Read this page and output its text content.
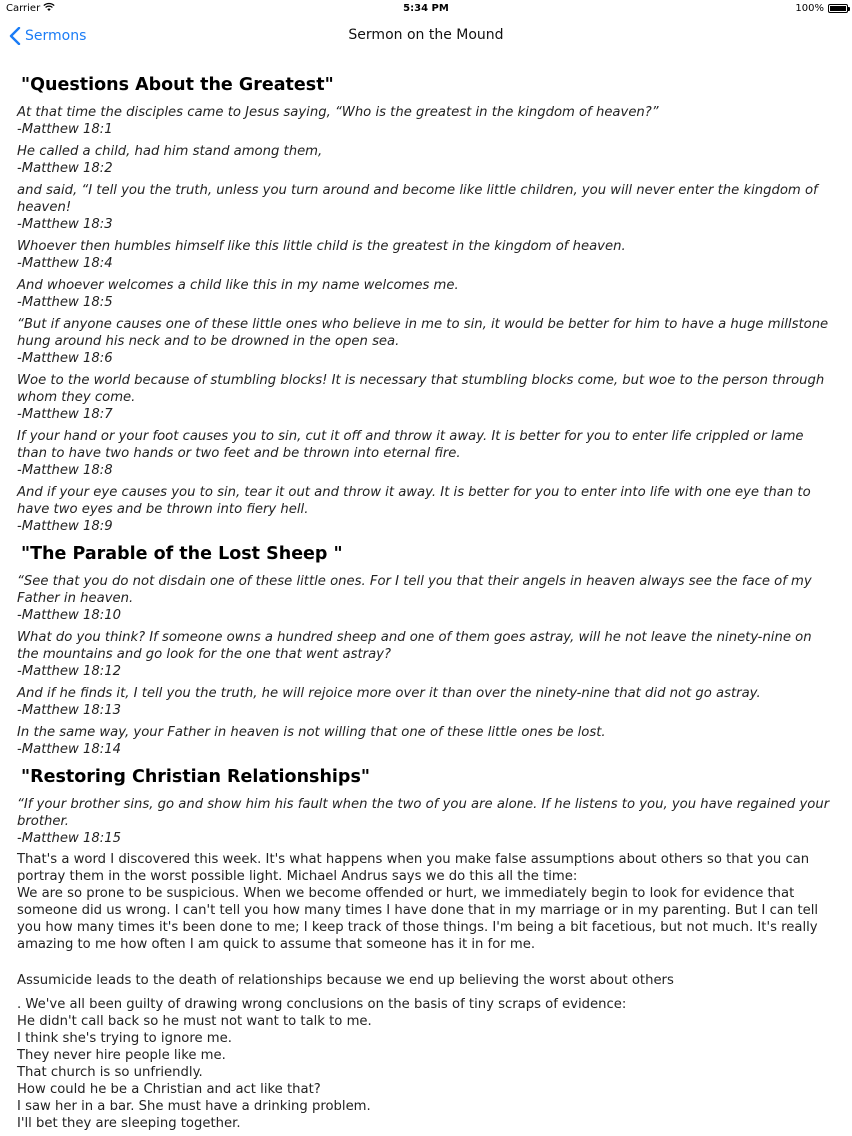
Carrier	5:34 PM	100%
Sermons	Sermon on the Mound
"Questions About the Greatest"
At that time the disciples came to Jesus saying, “Who is the greatest in the kingdom of heaven?”
-Matthew 18:1
He called a child, had him stand among them,
-Matthew 18:2
and said, “I tell you the truth, unless you turn around and become like little children, you will never enter the kingdom of heaven!
-Matthew 18:3
Whoever then humbles himself like this little child is the greatest in the kingdom of heaven.
-Matthew 18:4
And whoever welcomes a child like this in my name welcomes me.
-Matthew 18:5
“But if anyone causes one of these little ones who believe in me to sin, it would be better for him to have a huge millstone hung around his neck and to be drowned in the open sea.
-Matthew 18:6
Woe to the world because of stumbling blocks! It is necessary that stumbling blocks come, but woe to the person through whom they come.
-Matthew 18:7
If your hand or your foot causes you to sin, cut it off and throw it away. It is better for you to enter life crippled or lame than to have two hands or two feet and be thrown into eternal fire.
-Matthew 18:8
And if your eye causes you to sin, tear it out and throw it away. It is better for you to enter into life with one eye than to have two eyes and be thrown into fiery hell.
-Matthew 18:9
"The Parable of the Lost Sheep "
“See that you do not disdain one of these little ones. For I tell you that their angels in heaven always see the face of my Father in heaven.
-Matthew 18:10
What do you think? If someone owns a hundred sheep and one of them goes astray, will he not leave the ninety-nine on the mountains and go look for the one that went astray?
-Matthew 18:12
And if he finds it, I tell you the truth, he will rejoice more over it than over the ninety-nine that did not go astray.
-Matthew 18:13
In the same way, your Father in heaven is not willing that one of these little ones be lost.
-Matthew 18:14
"Restoring Christian Relationships"
“If your brother sins, go and show him his fault when the two of you are alone. If he listens to you, you have regained your brother.
-Matthew 18:15
That's a word I discovered this week. It's what happens when you make false assumptions about others so that you can portray them in the worst possible light. Michael Andrus says we do this all the time:
We are so prone to be suspicious. When we become offended or hurt, we immediately begin to look for evidence that someone did us wrong. I can't tell you how many times I have done that in my marriage or in my parenting. But I can tell you how many times it's been done to me; I keep track of those things. I'm being a bit facetious, but not much. It's really amazing to me how often I am quick to assume that someone has it in for me.
Assumicide leads to the death of relationships because we end up believing the worst about others
. We've all been guilty of drawing wrong conclusions on the basis of tiny scraps of evidence:
He didn't call back so he must not want to talk to me.
I think she's trying to ignore me.
They never hire people like me.
That church is so unfriendly.
How could he be a Christian and act like that?
I saw her in a bar. She must have a drinking problem.
I'll bet they are sleeping together.
